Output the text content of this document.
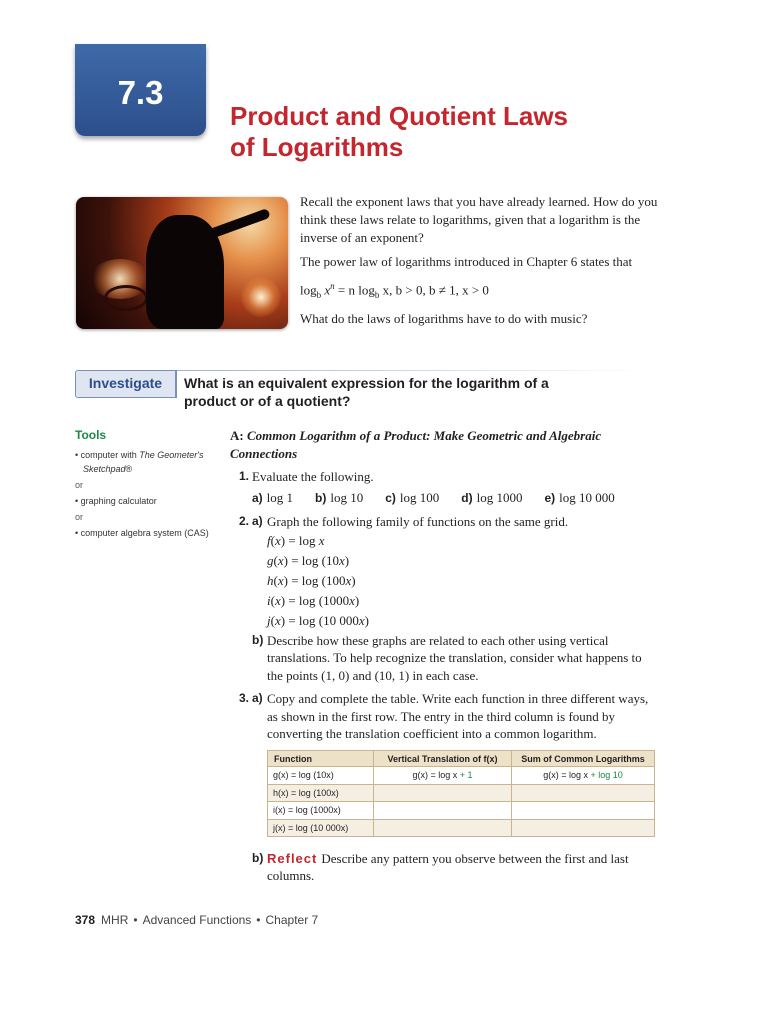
7.3
Product and Quotient Laws
of Logarithms

Recall the exponent laws that you have already learned. How do you think these laws relate to logarithms, given that a logarithm is the inverse of an exponent?

The power law of logarithms introduced in Chapter 6 states that

$\log_b x^n = n$ $\log_b x$, b > 0, b ≠ 1, x > 0

What do the laws of logarithms have to do with music?

Investigate	What is an equivalent expression for the logarithm of a product or of a quotient?
Tools
• computer with The Geometer's
Sketchpad®
or
• graphing calculator
or
• computer algebra system (CAS)
A: Common Logarithm of a Product: Make Geometric and Algebraic Connections
1. Evaluate the following.
a) log 1 b) log 10 c) log 100 d) log 1000 e) log 10 000
2. a) Graph the following family of functions on the same grid.
f(x) = log x
g(x) = log (10x)
h(x) = log (100x)
i(x) = log (1000x)
j(x) = log (10 000x)
b) Describe how these graphs are related to each other using vertical translations. To help recognize the translation, consider what happens to the points (1, 0) and (10, 1) in each case.
3. a) Copy and complete the table. Write each function in three different ways, as shown in the first row. The entry in the third column is found by converting the translation coefficient into a common logarithm.
Function	Vertical Translation of f(x)	Sum of Common Logarithms
g(x) = log (10x)	g(x) = log x + 1	g(x) = log x + log 10
h(x) = log (100x)		
i(x) = log (1000x)		
j(x) = log (10 000x)		
b) Reflect Describe any pattern you observe between the first and last columns.
378 MHR • Advanced Functions • Chapter 7
